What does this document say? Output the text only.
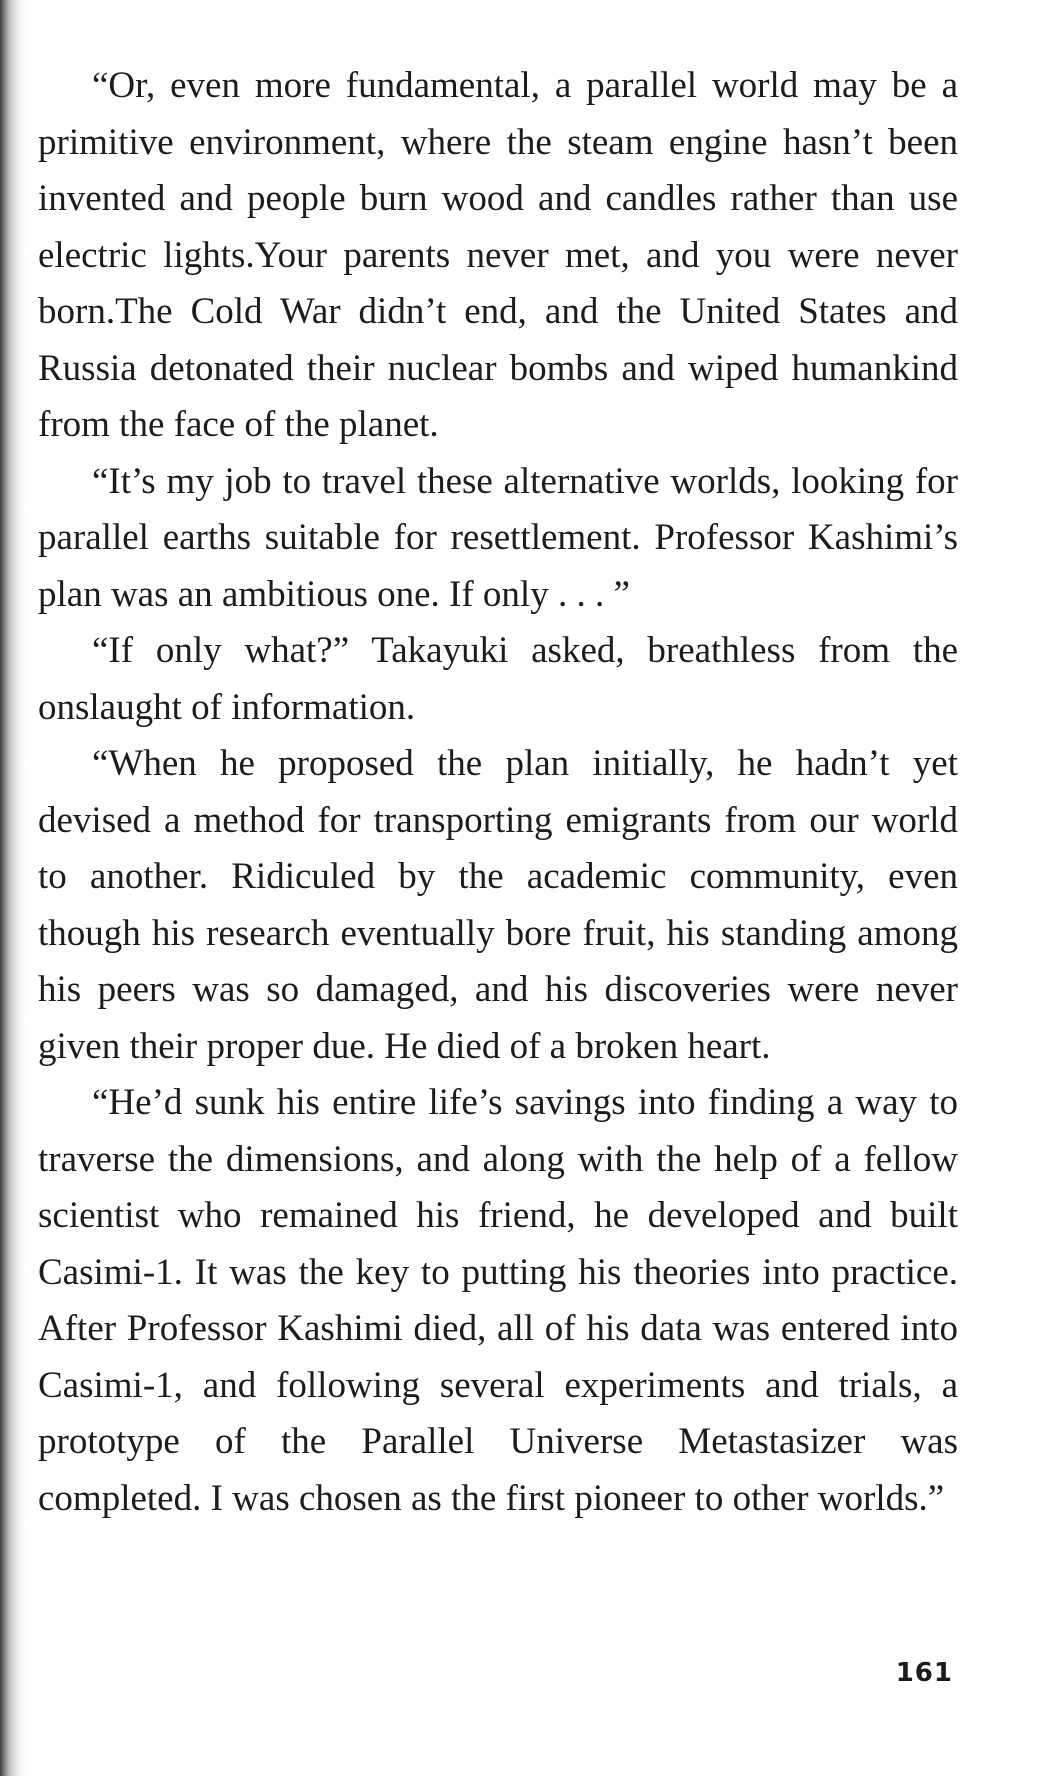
“Or, even more fundamental, a parallel world may be a primitive environment, where the steam engine hasn’t been invented and people burn wood and candles rather than use electric lights.Your parents never met, and you were never born.The Cold War didn’t end, and the United States and Russia detonated their nuclear bombs and wiped humankind from the face of the planet.

“It’s my job to travel these alternative worlds, looking for parallel earths suitable for resettlement. Professor Kashimi’s plan was an ambitious one. If only . . . ”

“If only what?” Takayuki asked, breathless from the onslaught of information.

“When he proposed the plan initially, he hadn’t yet devised a method for transporting emigrants from our world to another. Ridiculed by the academic community, even though his research eventually bore fruit, his standing among his peers was so damaged, and his discoveries were never given their proper due. He died of a broken heart.

“He’d sunk his entire life’s savings into finding a way to traverse the dimensions, and along with the help of a fellow scientist who remained his friend, he developed and built Casimi-1. It was the key to putting his theories into practice. After Professor Kashimi died, all of his data was entered into Casimi-1, and following several experiments and trials, a prototype of the Parallel Universe Metastasizer was completed. I was chosen as the first pioneer to other worlds.”

161
